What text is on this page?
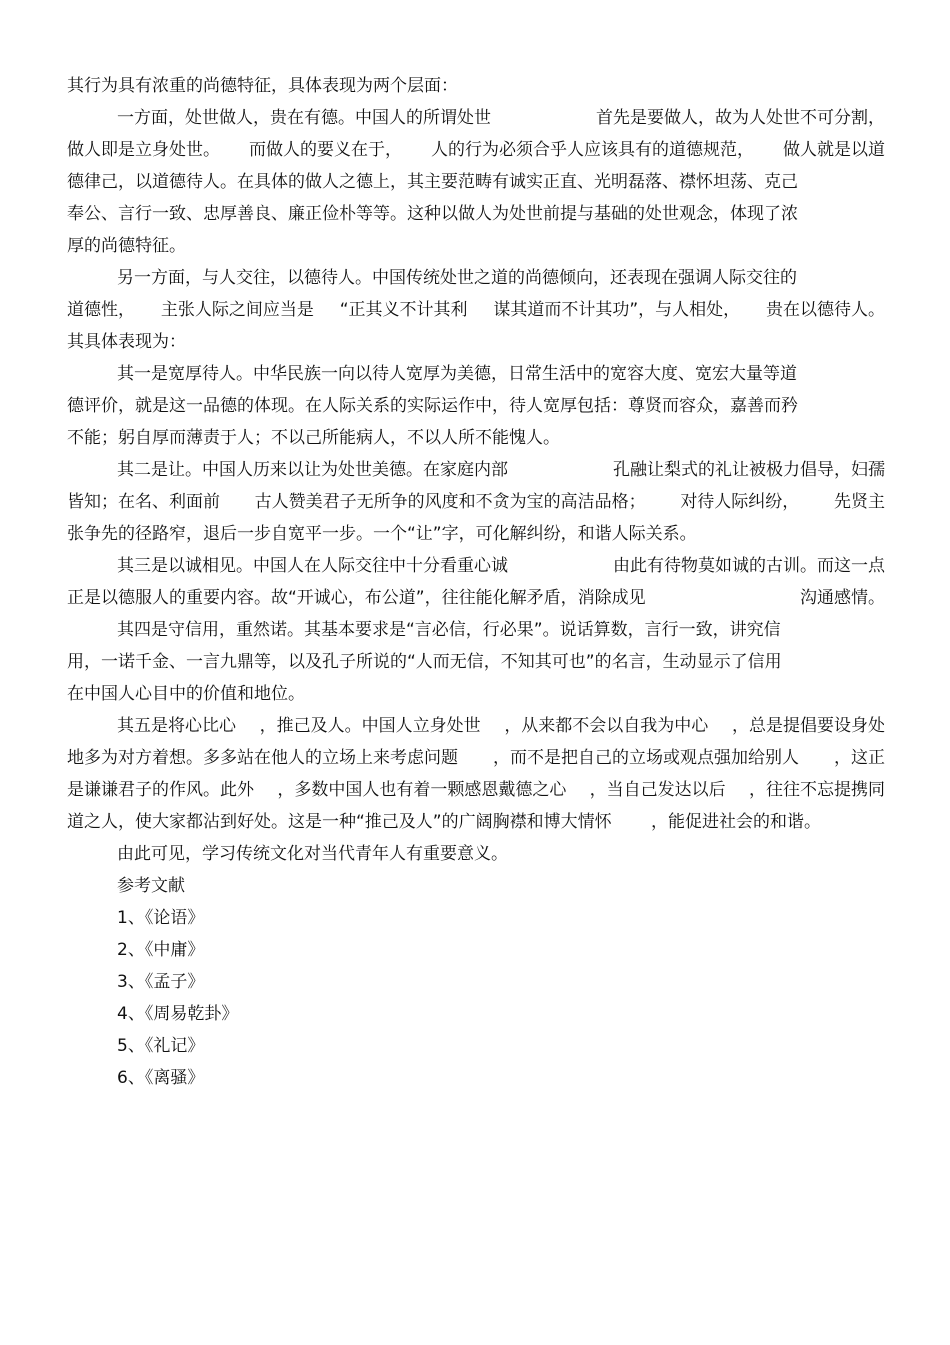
其行为具有浓重的尚德特征，具体表现为两个层面：
一方面，处世做人，贵在有德。中国人的所谓处世	首先是要做人，故为人处世不可分割，
做人即是立身处世。 而做人的要义在于， 人的行为必须合乎人应该具有的道德规范， 做人就是以道
德律己，以道德待人。在具体的做人之德上，其主要范畴有诚实正直、光明磊落、襟怀坦荡、克己
奉公、言行一致、忠厚善良、廉正俭朴等等。这种以做人为处世前提与基础的处世观念，体现了浓
厚的尚德特征。
另一方面，与人交往，以德待人。中国传统处世之道的尚德倾向，还表现在强调人际交往的
道德性， 主张人际之间应当是 “正其义不计其利 谋其道而不计其功”，与人相处， 贵在以德待人。
其具体表现为：
其一是宽厚待人。中华民族一向以待人宽厚为美德，日常生活中的宽容大度、宽宏大量等道
德评价，就是这一品德的体现。在人际关系的实际运作中，待人宽厚包括：尊贤而容众，嘉善而矜
不能；躬自厚而薄责于人；不以己所能病人，不以人所不能愧人。
其二是让。中国人历来以让为处世美德。在家庭内部	孔融让梨式的礼让被极力倡导，妇孺
皆知；在名、利面前 古人赞美君子无所争的风度和不贪为宝的高洁品格； 对待人际纠纷， 先贤主
张争先的径路窄，退后一步自宽平一步。一个“让”字，可化解纠纷，和谐人际关系。
其三是以诚相见。中国人在人际交往中十分看重心诚	由此有待物莫如诚的古训。而这一点
正是以德服人的重要内容。故“开诚心，布公道”，往往能化解矛盾，消除成见	沟通感情。
其四是守信用，重然诺。其基本要求是“言必信，行必果”。说话算数，言行一致，讲究信
用，一诺千金、一言九鼎等，以及孔子所说的“人而无信，不知其可也”的名言，生动显示了信用
在中国人心目中的价值和地位。
其五是将心比心 ，推己及人。中国人立身处世 ，从来都不会以自我为中心 ，总是提倡要设身处
地多为对方着想。多多站在他人的立场上来考虑问题 ，而不是把自己的立场或观点强加给别人 ，这正
是谦谦君子的作风。此外 ，多数中国人也有着一颗感恩戴德之心 ，当自己发达以后 ，往往不忘提携同
道之人，使大家都沾到好处。这是一种“推己及人”的广阔胸襟和博大情怀 ，能促进社会的和谐。
由此可见，学习传统文化对当代青年人有重要意义。
参考文献
1、《论语》
2、《中庸》
3、《孟子》
4、《周易乾卦》
5、《礼记》
6、《离骚》
